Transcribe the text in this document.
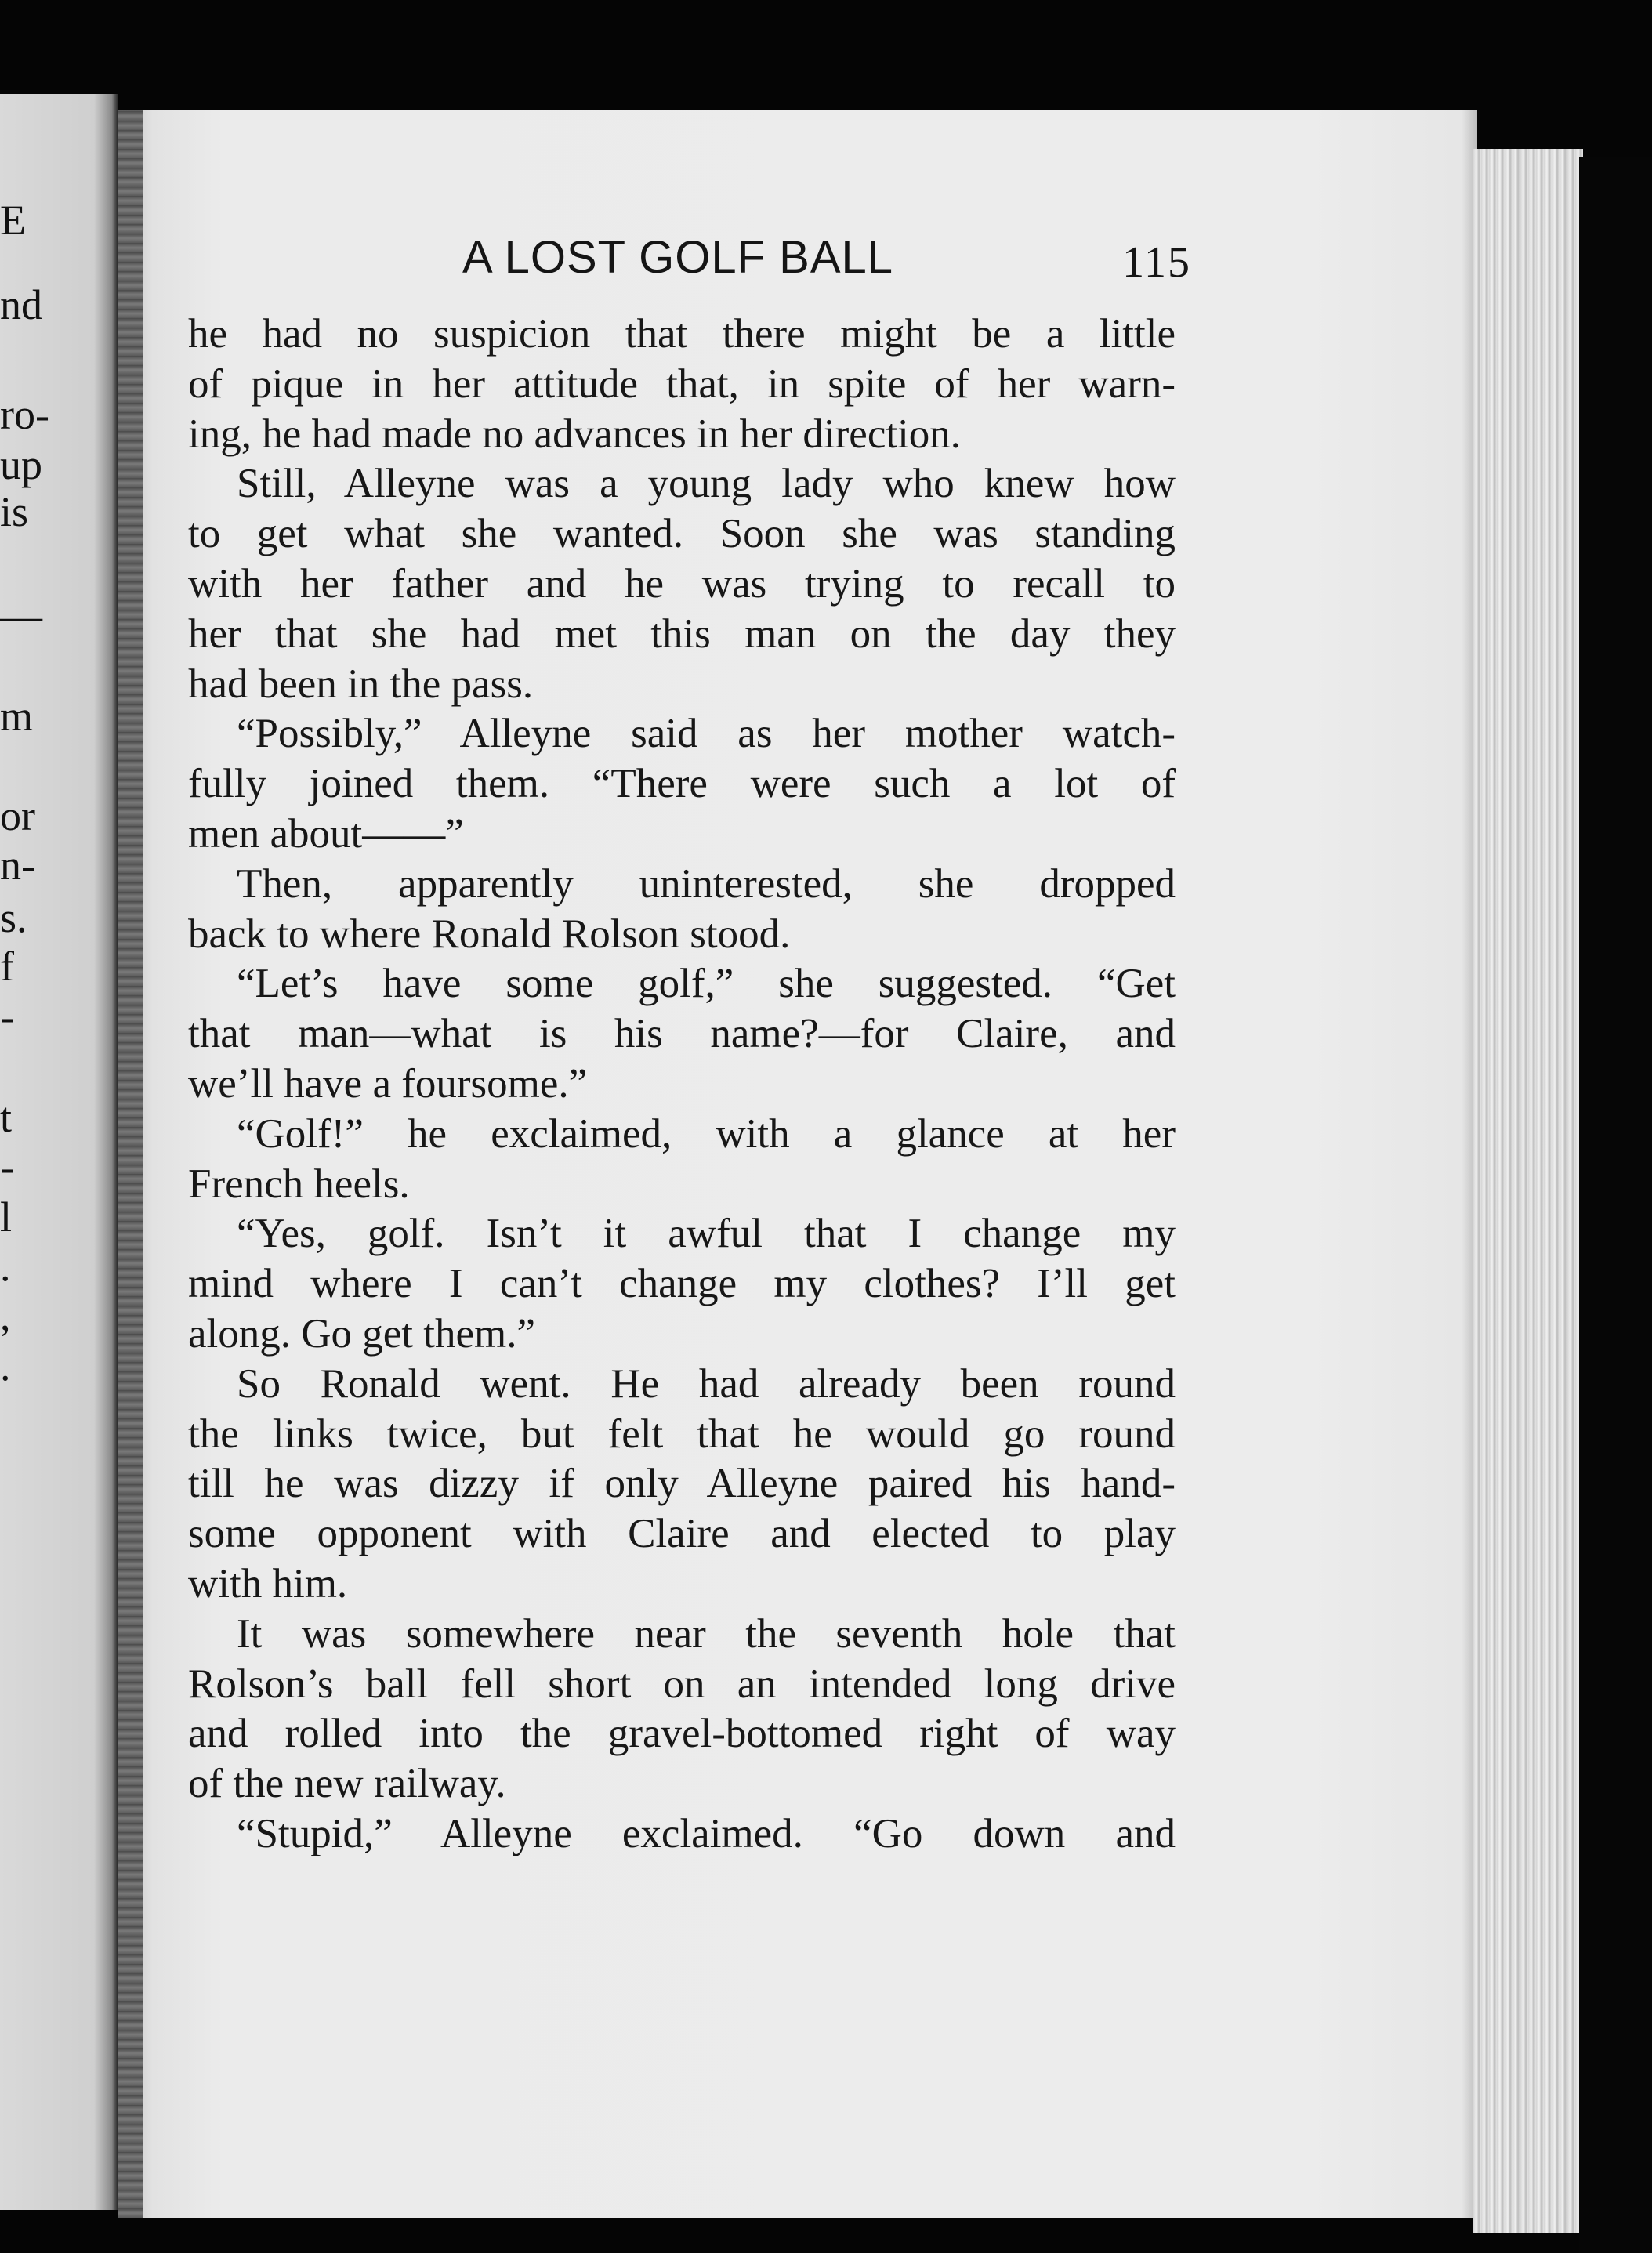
E
nd
ro-
up
is
—
m
or
n-
s.
f
-
t
-
l
.
,
.
A LOST GOLF BALL	115
he had no suspicion that there might be a little
of pique in her attitude that, in spite of her warn-
ing, he had made no advances in her direction.
Still, Alleyne was a young lady who knew how
to get what she wanted. Soon she was standing
with her father and he was trying to recall to
her that she had met this man on the day they
had been in the pass.
“Possibly,” Alleyne said as her mother watch-
fully joined them. “There were such a lot of
men about——”
Then, apparently uninterested, she dropped
back to where Ronald Rolson stood.
“Let’s have some golf,” she suggested. “Get
that man—what is his name?—for Claire, and
we’ll have a foursome.”
“Golf!” he exclaimed, with a glance at her
French heels.
“Yes, golf. Isn’t it awful that I change my
mind where I can’t change my clothes? I’ll get
along. Go get them.”
So Ronald went. He had already been round
the links twice, but felt that he would go round
till he was dizzy if only Alleyne paired his hand-
some opponent with Claire and elected to play
with him.
It was somewhere near the seventh hole that
Rolson’s ball fell short on an intended long drive
and rolled into the gravel-bottomed right of way
of the new railway.
“Stupid,” Alleyne exclaimed. “Go down and
